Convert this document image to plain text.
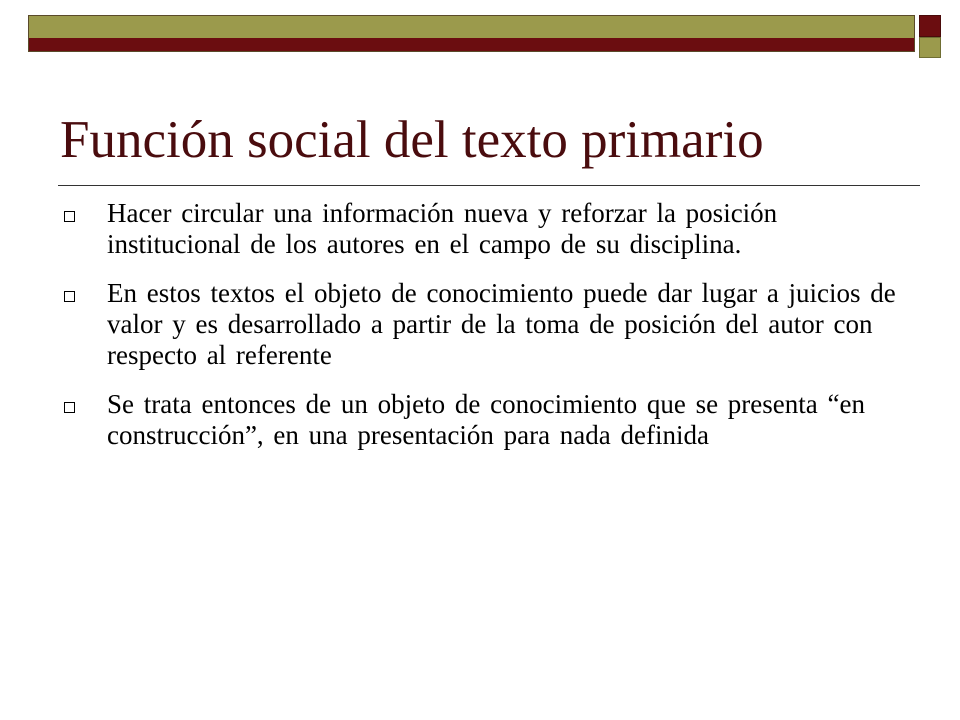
Función social del texto primario
Hacer circular una información nueva y reforzar la posición institucional de los autores en el campo de su disciplina.
En estos textos el objeto de conocimiento puede dar lugar a juicios de valor y es desarrollado a partir de la toma de posición del autor con respecto al referente
Se trata entonces de un objeto de conocimiento que se presenta “en construcción”, en una presentación para nada definida
